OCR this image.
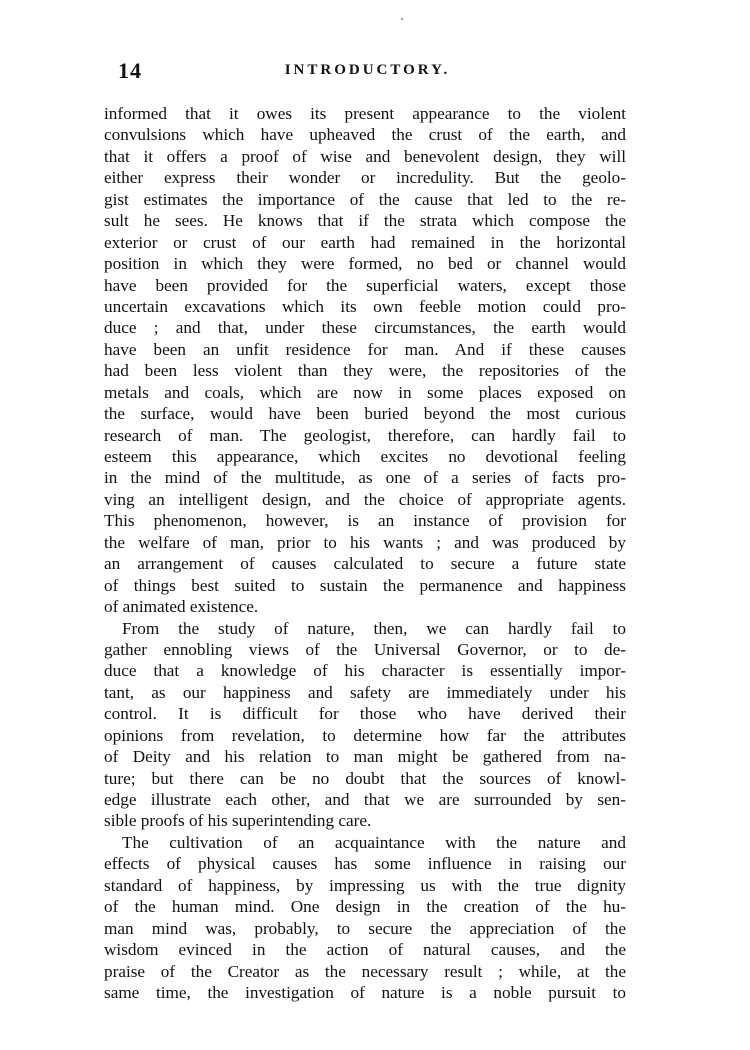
14	INTRODUCTORY.
informed that it owes its present appearance to the violent
convulsions which have upheaved the crust of the earth, and
that it offers a proof of wise and benevolent design, they will
either express their wonder or incredulity. But the geolo-
gist estimates the importance of the cause that led to the re-
sult he sees. He knows that if the strata which compose the
exterior or crust of our earth had remained in the horizontal
position in which they were formed, no bed or channel would
have been provided for the superficial waters, except those
uncertain excavations which its own feeble motion could pro-
duce ; and that, under these circumstances, the earth would
have been an unfit residence for man. And if these causes
had been less violent than they were, the repositories of the
metals and coals, which are now in some places exposed on
the surface, would have been buried beyond the most curious
research of man. The geologist, therefore, can hardly fail to
esteem this appearance, which excites no devotional feeling
in the mind of the multitude, as one of a series of facts pro-
ving an intelligent design, and the choice of appropriate agents.
This phenomenon, however, is an instance of provision for
the welfare of man, prior to his wants ; and was produced by
an arrangement of causes calculated to secure a future state
of things best suited to sustain the permanence and happiness
of animated existence.
From the study of nature, then, we can hardly fail to
gather ennobling views of the Universal Governor, or to de-
duce that a knowledge of his character is essentially impor-
tant, as our happiness and safety are immediately under his
control. It is difficult for those who have derived their
opinions from revelation, to determine how far the attributes
of Deity and his relation to man might be gathered from na-
ture; but there can be no doubt that the sources of knowl-
edge illustrate each other, and that we are surrounded by sen-
sible proofs of his superintending care.
The cultivation of an acquaintance with the nature and
effects of physical causes has some influence in raising our
standard of happiness, by impressing us with the true dignity
of the human mind. One design in the creation of the hu-
man mind was, probably, to secure the appreciation of the
wisdom evinced in the action of natural causes, and the
praise of the Creator as the necessary result ; while, at the
same time, the investigation of nature is a noble pursuit to
